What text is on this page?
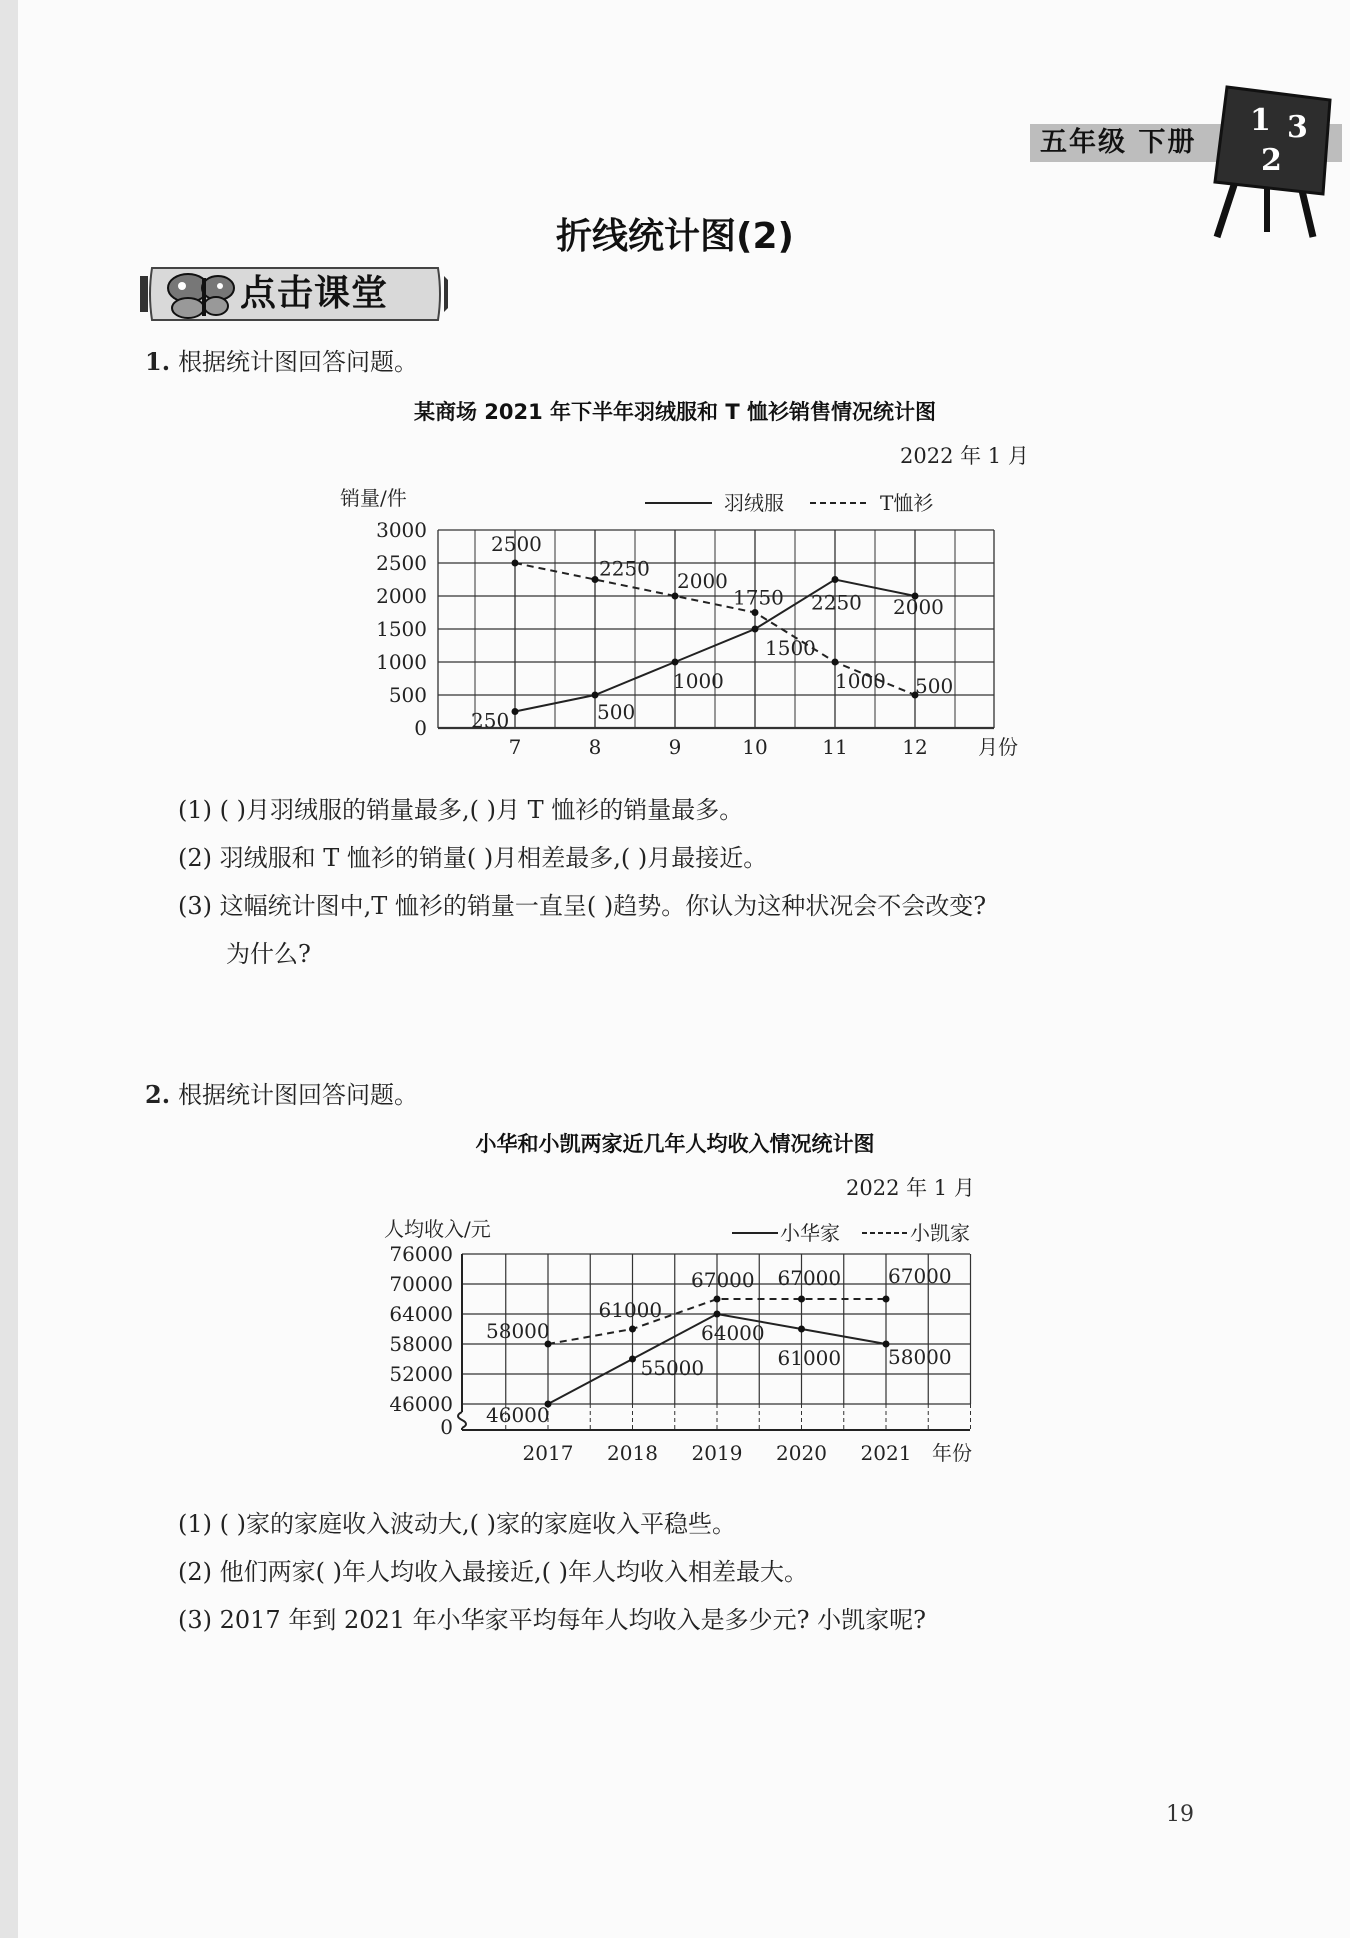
五年级 下册
1 3
2
折线统计图(2)
点击课堂
1. 根据统计图回答问题。
某商场 2021 年下半年羽绒服和 T 恤衫销售情况统计图
2022 年 1 月
0
500
1000
1500
2000
2500
3000
7	8	9	10	11	12	月份
销量/件	羽绒服	T恤衫
250	500
1000
1500
2250 2000
2500
2250
2000
1750
1000 500
(1) ( )月羽绒服的销量最多,( )月 T 恤衫的销量最多。
(2) 羽绒服和 T 恤衫的销量( )月相差最多,( )月最接近。
(3) 这幅统计图中,T 恤衫的销量一直呈( )趋势。你认为这种状况会不会改变?
为什么?
2. 根据统计图回答问题。
小华和小凯两家近几年人均收入情况统计图
2022 年 1 月
0
46000
52000
58000
64000
70000
76000
2017 2018 2019 2020 2021 年份
人均收入/元	小华家	小凯家
46000
55000
64000
61000 58000
58000
61000
67000 67000 67000
(1) ( )家的家庭收入波动大,( )家的家庭收入平稳些。
(2) 他们两家( )年人均收入最接近,( )年人均收入相差最大。
(3) 2017 年到 2021 年小华家平均每年人均收入是多少元? 小凯家呢?
19
